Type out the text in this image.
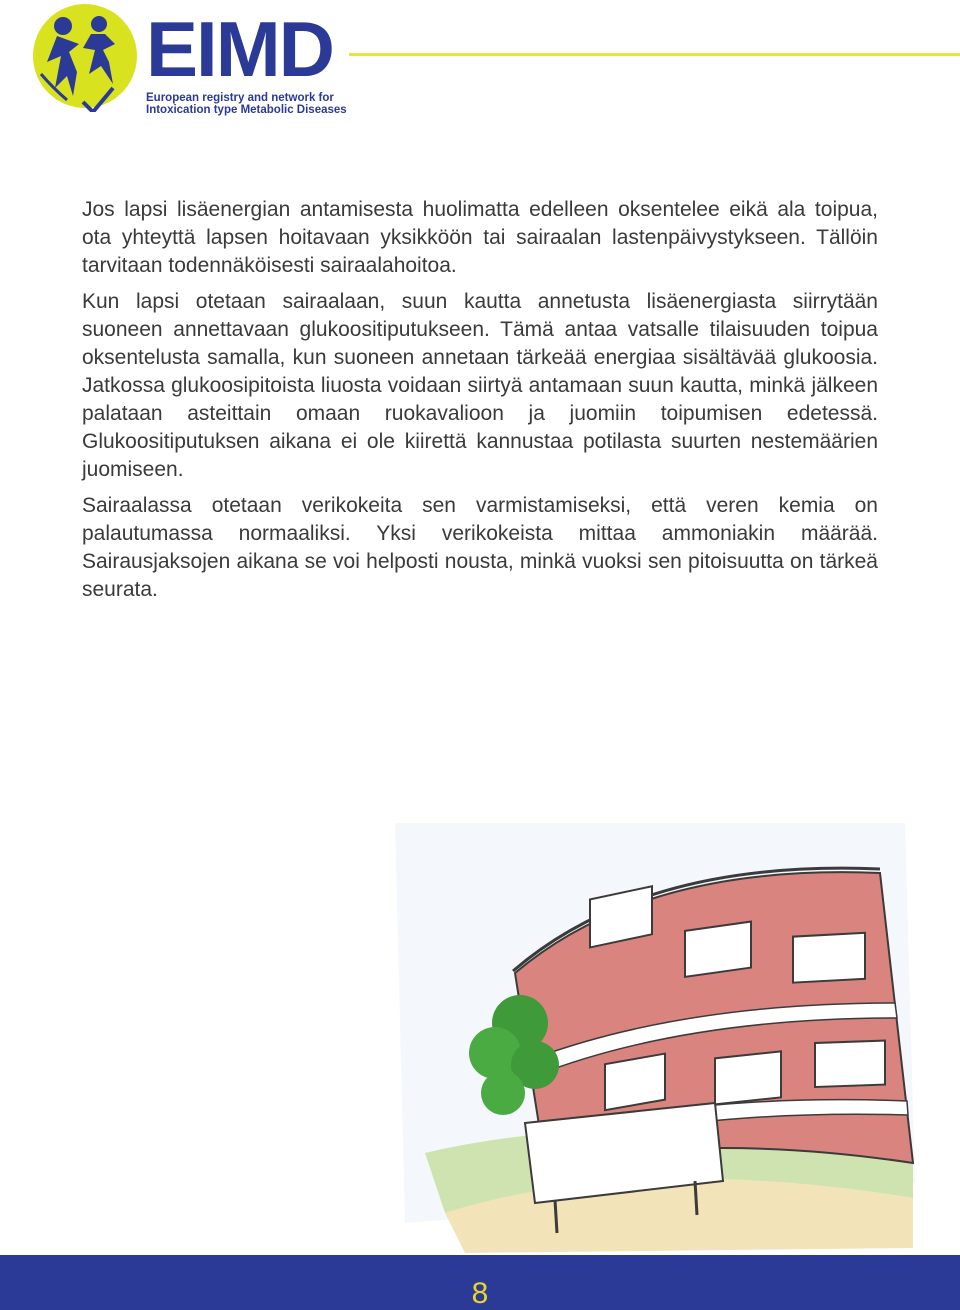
EIMD
European registry and network for
Intoxication type Metabolic Diseases

Jos lapsi lisäenergian antamisesta huolimatta edelleen oksentelee eikä ala toipua, ota yhteyttä lapsen hoitavaan yksikköön tai sairaalan lastenpäivystykseen. Tällöin tarvitaan todennäköisesti sairaalahoitoa.

Kun lapsi otetaan sairaalaan, suun kautta annetusta lisäenergiasta siirrytään suoneen annettavaan glukoositiputukseen. Tämä antaa vatsalle tilaisuuden toipua oksentelusta samalla, kun suoneen annetaan tärkeää energiaa sisältävää glukoosia. Jatkossa glukoosipitoista liuosta voidaan siirtyä antamaan suun kautta, minkä jälkeen palataan asteittain omaan ruokavalioon ja juomiin toipumisen edetessä. Glukoositiputuksen aikana ei ole kiirettä kannustaa potilasta suurten nestemäärien juomiseen.

Sairaalassa otetaan verikokeita sen varmistamiseksi, että veren kemia on palautumassa normaaliksi. Yksi verikokeista mittaa ammoniakin määrää. Sairausjaksojen aikana se voi helposti nousta, minkä vuoksi sen pitoisuutta on tärkeä seurata.

8
